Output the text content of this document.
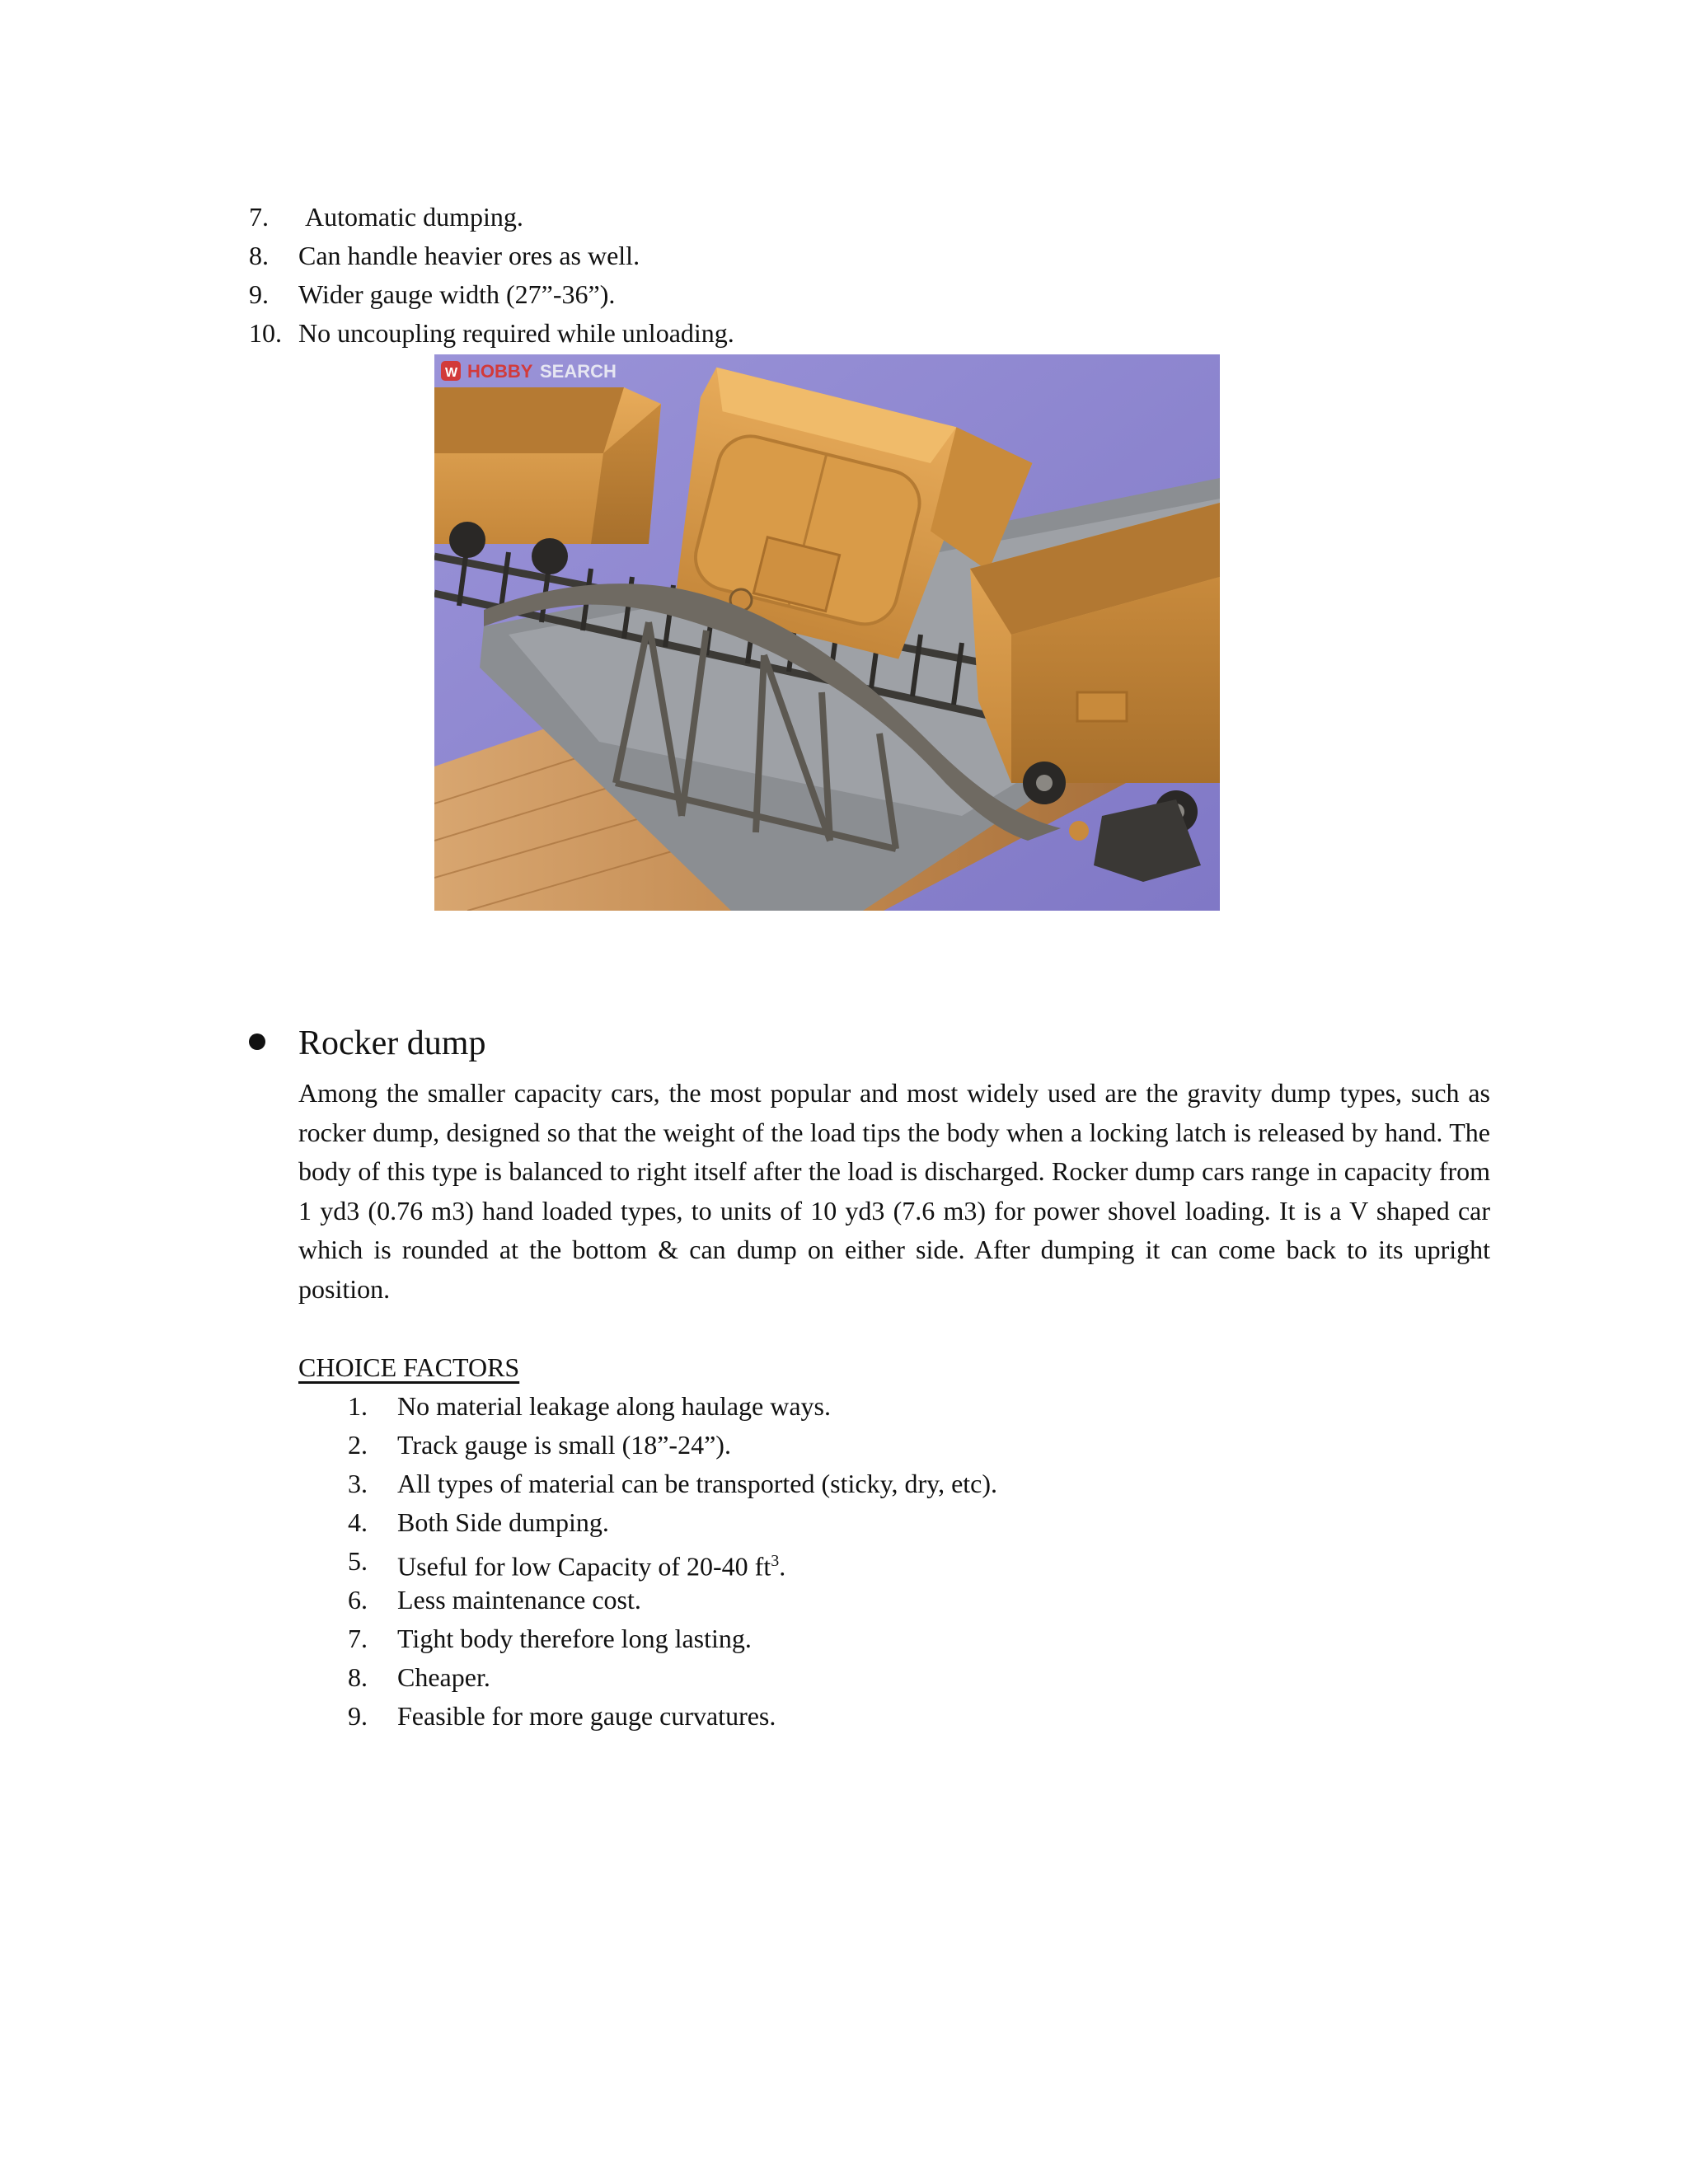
7. Automatic dumping.
8. Can handle heavier ores as well.
9. Wider gauge width (27”-36”).
10. No uncoupling required while unloading.
W HOBBY SEARCH
Rocker dump
Among the smaller capacity cars, the most popular and most widely used are the gravity dump types, such as rocker dump, designed so that the weight of the load tips the body when a locking latch is released by hand. The body of this type is balanced to right itself after the load is discharged. Rocker dump cars range in capacity from 1 yd3 (0.76 m3) hand loaded types, to units of 10 yd3 (7.6 m3) for power shovel loading. It is a V shaped car which is rounded at the bottom & can dump on either side. After dumping it can come back to its upright position.
CHOICE FACTORS
1. No material leakage along haulage ways.
2. Track gauge is small (18”-24”).
3. All types of material can be transported (sticky, dry, etc).
4. Both Side dumping.
5. Useful for low Capacity of 20-40 $ft^3$.
6. Less maintenance cost.
7. Tight body therefore long lasting.
8. Cheaper.
9. Feasible for more gauge curvatures.
